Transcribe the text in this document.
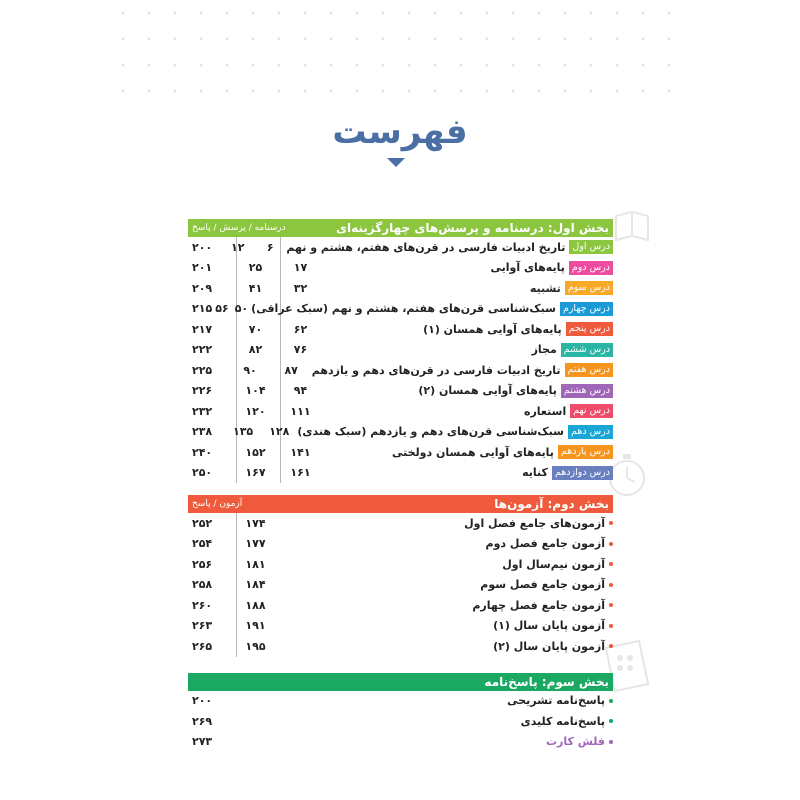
فهرست
بخش اول: درسنامه و پرسش‌های چهارگزینه‌ای
درسنامه / پرسش / پاسخ
درس اول
تاریخ ادبیات فارسی در قرن‌های هفتم، هشتم و نهم
۶
۱۲
۲۰۰
درس دوم
پایه‌های آوایی
۱۷
۲۵
۲۰۱
درس سوم
تشبیه
۳۲
۴۱
۲۰۹
درس چهارم
سبک‌شناسی قرن‌های هفتم، هشتم و نهم (سبک عراقی)
۵۰
۵۶
۲۱۵
درس پنجم
پایه‌های آوایی همسان (۱)
۶۲
۷۰
۲۱۷
درس ششم
مجاز
۷۶
۸۲
۲۲۲
درس هفتم
تاریخ ادبیات فارسی در قرن‌های دهم و یازدهم
۸۷
۹۰
۲۲۵
درس هشتم
پایه‌های آوایی همسان (۲)
۹۴
۱۰۴
۲۲۶
درس نهم
استعاره
۱۱۱
۱۲۰
۲۳۲
درس دهم
سبک‌شناسی قرن‌های دهم و یازدهم (سبک هندی)
۱۲۸
۱۳۵
۲۳۸
درس یازدهم
پایه‌های آوایی همسان دولختی
۱۴۱
۱۵۲
۲۴۰
درس دوازدهم
کنایه
۱۶۱
۱۶۷
۲۵۰
بخش دوم: آزمون‌ها
آزمون / پاسخ
آزمون‌های جامع فصل اول
۱۷۴
۲۵۲
آزمون جامع فصل دوم
۱۷۷
۲۵۴
آزمون نیم‌سال اول
۱۸۱
۲۵۶
آزمون جامع فصل سوم
۱۸۴
۲۵۸
آزمون جامع فصل چهارم
۱۸۸
۲۶۰
آزمون پایان سال (۱)
۱۹۱
۲۶۳
آزمون پایان سال (۲)
۱۹۵
۲۶۵
بخش سوم: پاسخ‌نامه
پاسخ‌نامه تشریحی
۲۰۰
پاسخ‌نامه کلیدی
۲۶۹
فلش کارت
۲۷۳
